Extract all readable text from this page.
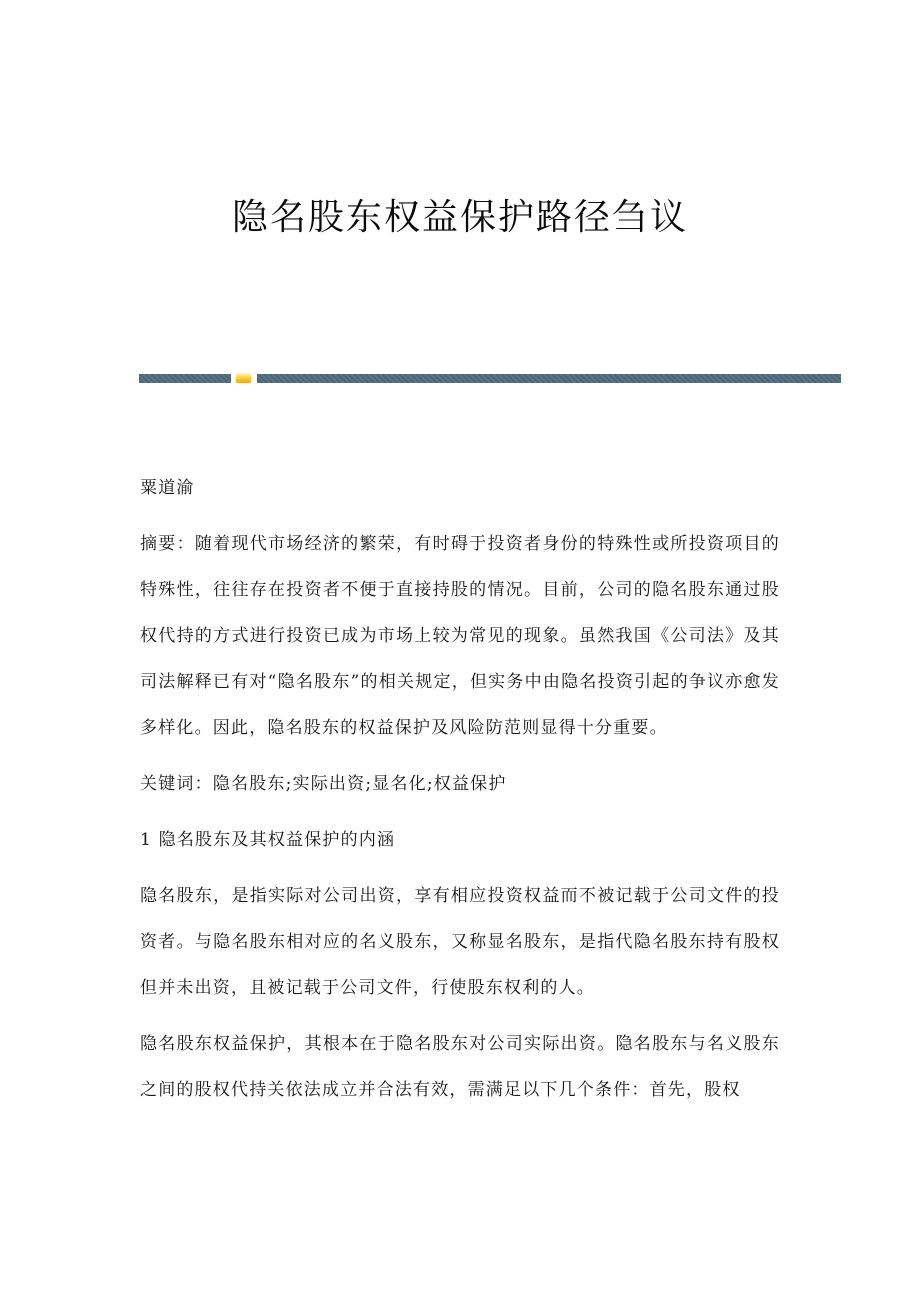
隐名股东权益保护路径刍议

粟道渝

摘要：随着现代市场经济的繁荣，有时碍于投资者身份的特殊性或所投资项目的特殊性，往往存在投资者不便于直接持股的情况。目前，公司的隐名股东通过股权代持的方式进行投资已成为市场上较为常见的现象。虽然我国《公司法》及其司法解释已有对“隐名股东”的相关规定，但实务中由隐名投资引起的争议亦愈发多样化。因此，隐名股东的权益保护及风险防范则显得十分重要。

关键词：隐名股东;实际出资;显名化;权益保护

1 隐名股东及其权益保护的内涵

隐名股东，是指实际对公司出资，享有相应投资权益而不被记载于公司文件的投资者。与隐名股东相对应的名义股东，又称显名股东，是指代隐名股东持有股权但并未出资，且被记载于公司文件，行使股东权利的人。

隐名股东权益保护，其根本在于隐名股东对公司实际出资。隐名股东与名义股东之间的股权代持关依法成立并合法有效，需满足以下几个条件：首先，股权
